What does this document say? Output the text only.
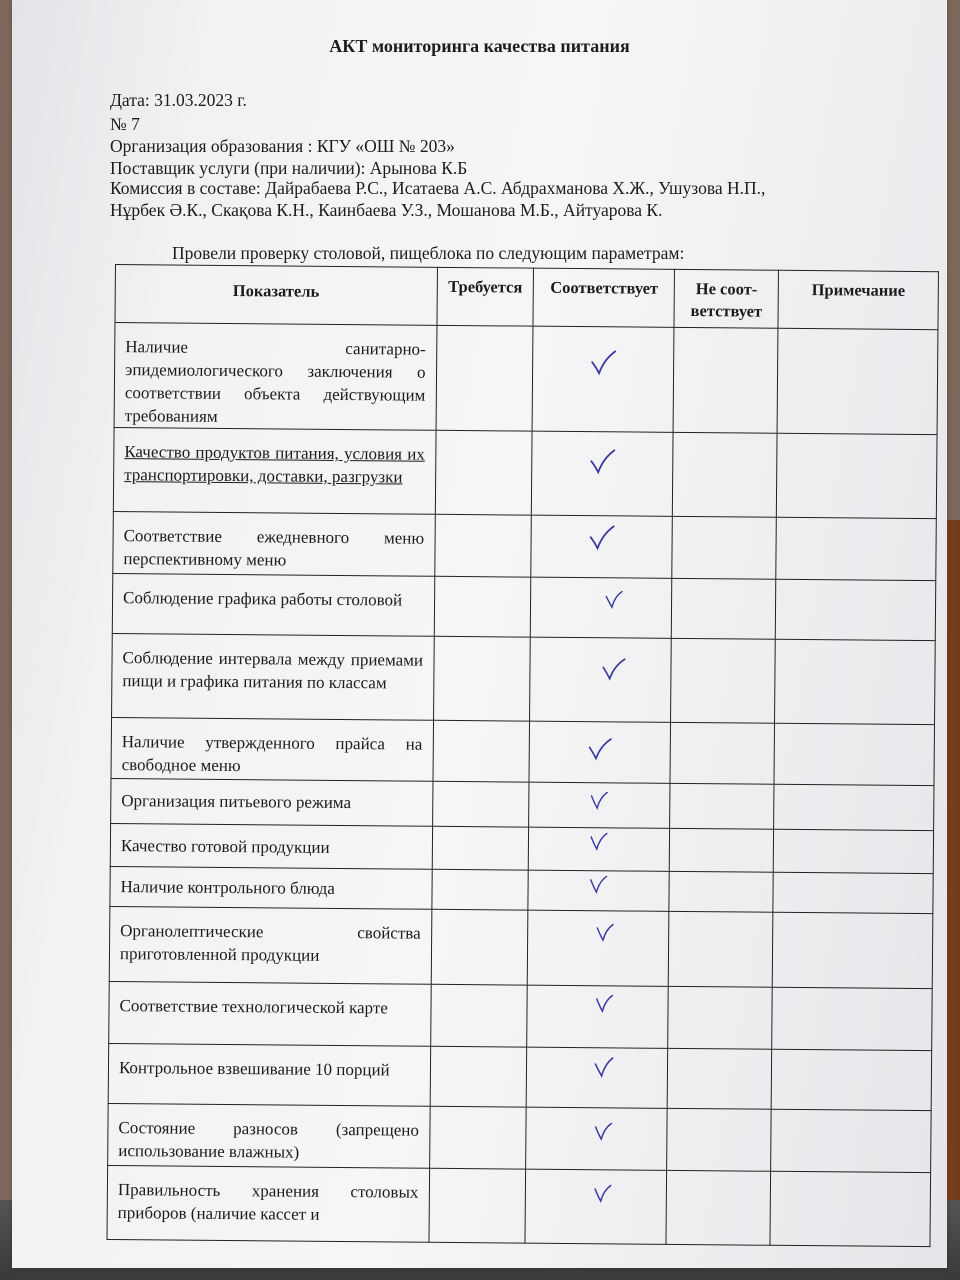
АКТ мониторинга качества питания
Дата: 31.03.2023 г.
№ 7
Организация образования : КГУ «ОШ № 203»
Поставщик услуги (при наличии): Арынова К.Б
Комиссия в составе: Дайрабаева Р.С., Исатаева А.С. Абдрахманова Х.Ж., Ушузова Н.П.,
Нұрбек Ә.К., Скақова К.Н., Каинбаева У.З., Мошанова М.Б., Айтуарова К.
Провели проверку столовой, пищеблока по следующим параметрам:
Показатель	Требуется	Соответствует	Не соот-ветствует	Примечание
Наличие санитарно-эпидемиологического заключения о соответствии объекта действующим требованиям		

Качество продуктов питания, условия их транспортировки, доставки, разгрузки		

Соответствие ежедневного меню перспективному меню		

Соблюдение графика работы столовой		

Соблюдение интервала между приемами пищи и графика питания по классам		

Наличие утвержденного прайса на свободное меню		

Организация питьевого режима		

Качество готовой продукции		

Наличие контрольного блюда		

Органолептические свойства приготовленной продукции		

Соответствие технологической карте		

Контрольное взвешивание 10 порций		

Состояние разносов (запрещено использование влажных)		

Правильность хранения столовых приборов (наличие кассет и		
